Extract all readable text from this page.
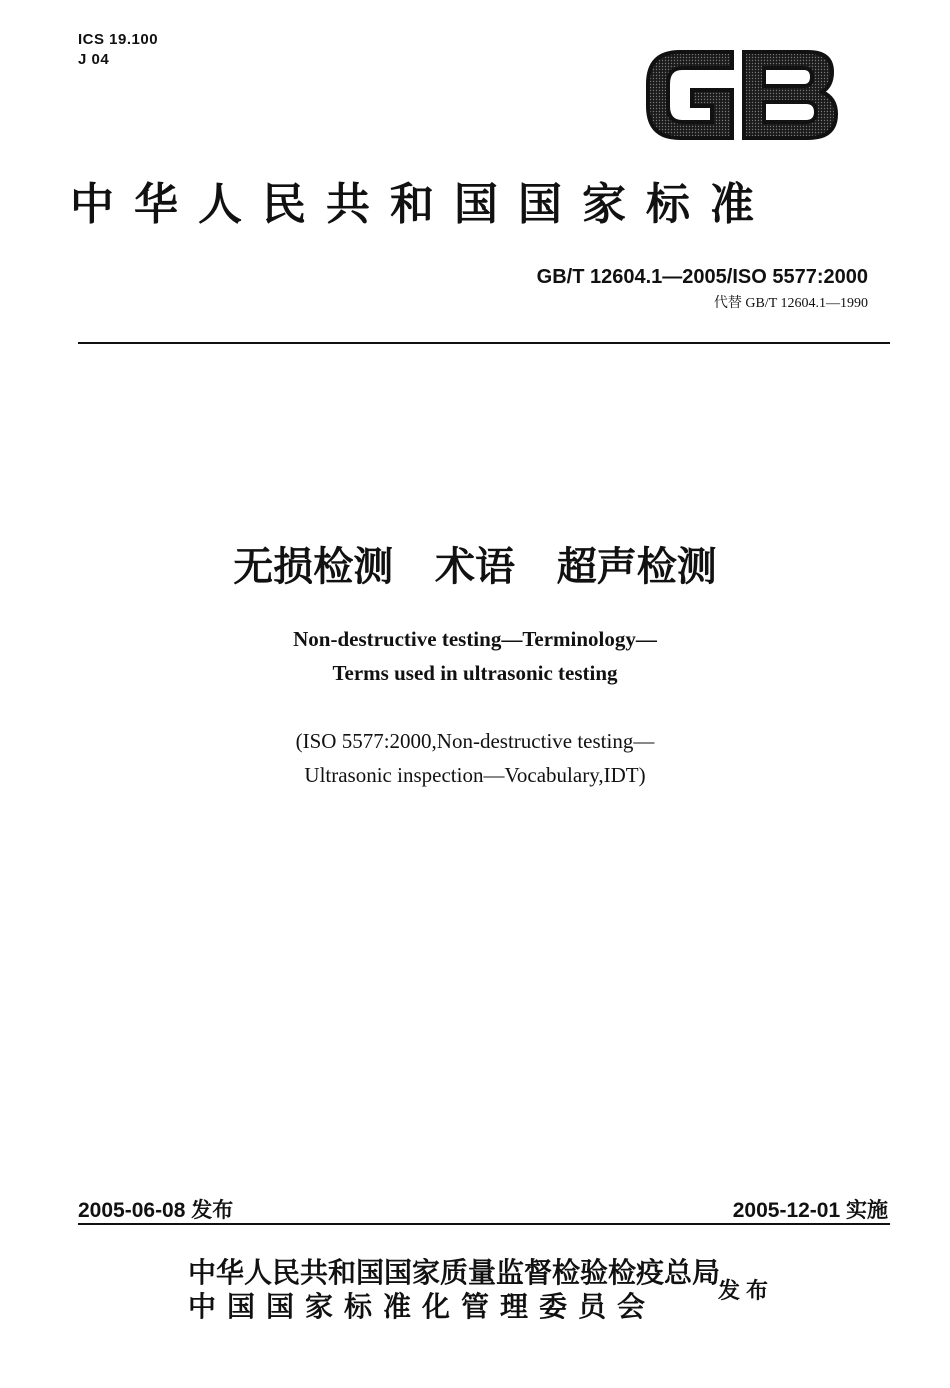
ICS 19.100
J 04
中华人民共和国国家标准
GB/T 12604.1—2005/ISO 5577:2000
代替 GB/T 12604.1—1990
无损检测   术语   超声检测
Non-destructive testing—Terminology—
Terms used in ultrasonic testing
(ISO 5577:2000,Non-destructive testing—
Ultrasonic inspection—Vocabulary,IDT)
2005-06-08 发布	2005-12-01 实施
中华人民共和国国家质量监督检验检疫总局
中国国家标准化管理委员会	发布
